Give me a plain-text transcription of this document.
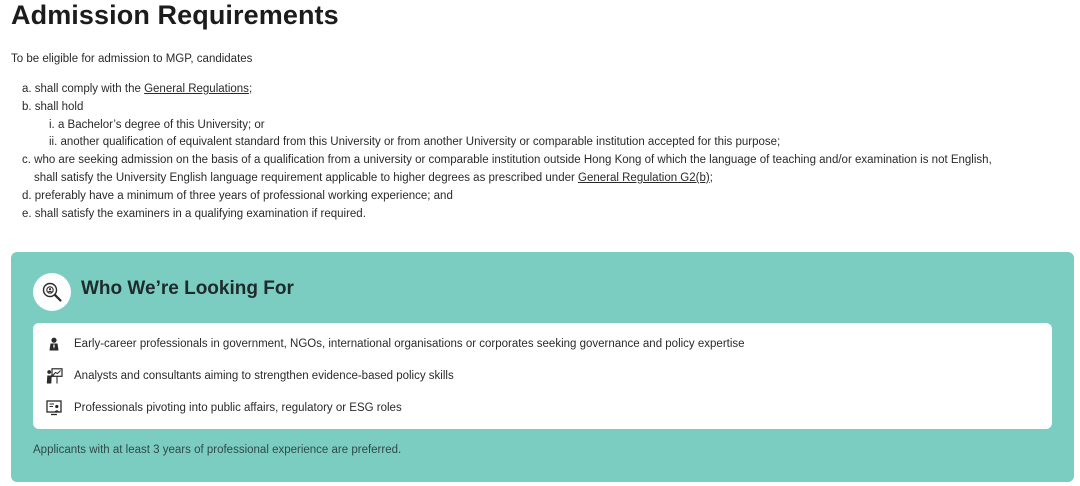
Admission Requirements

To be eligible for admission to MGP, candidates

a. shall comply with the General Regulations;
b. shall hold
i. a Bachelor’s degree of this University; or
ii. another qualification of equivalent standard from this University or from another University or comparable institution accepted for this purpose;
c. who are seeking admission on the basis of a qualification from a university or comparable institution outside Hong Kong of which the language of teaching and/or examination is not English,
shall satisfy the University English language requirement applicable to higher degrees as prescribed under General Regulation G2(b);
d. preferably have a minimum of three years of professional working experience; and
e. shall satisfy the examiners in a qualifying examination if required.
Who We’re Looking For
Early-career professionals in government, NGOs, international organisations or corporates seeking governance and policy expertise
Analysts and consultants aiming to strengthen evidence-based policy skills
Professionals pivoting into public affairs, regulatory or ESG roles

Applicants with at least 3 years of professional experience are preferred.
